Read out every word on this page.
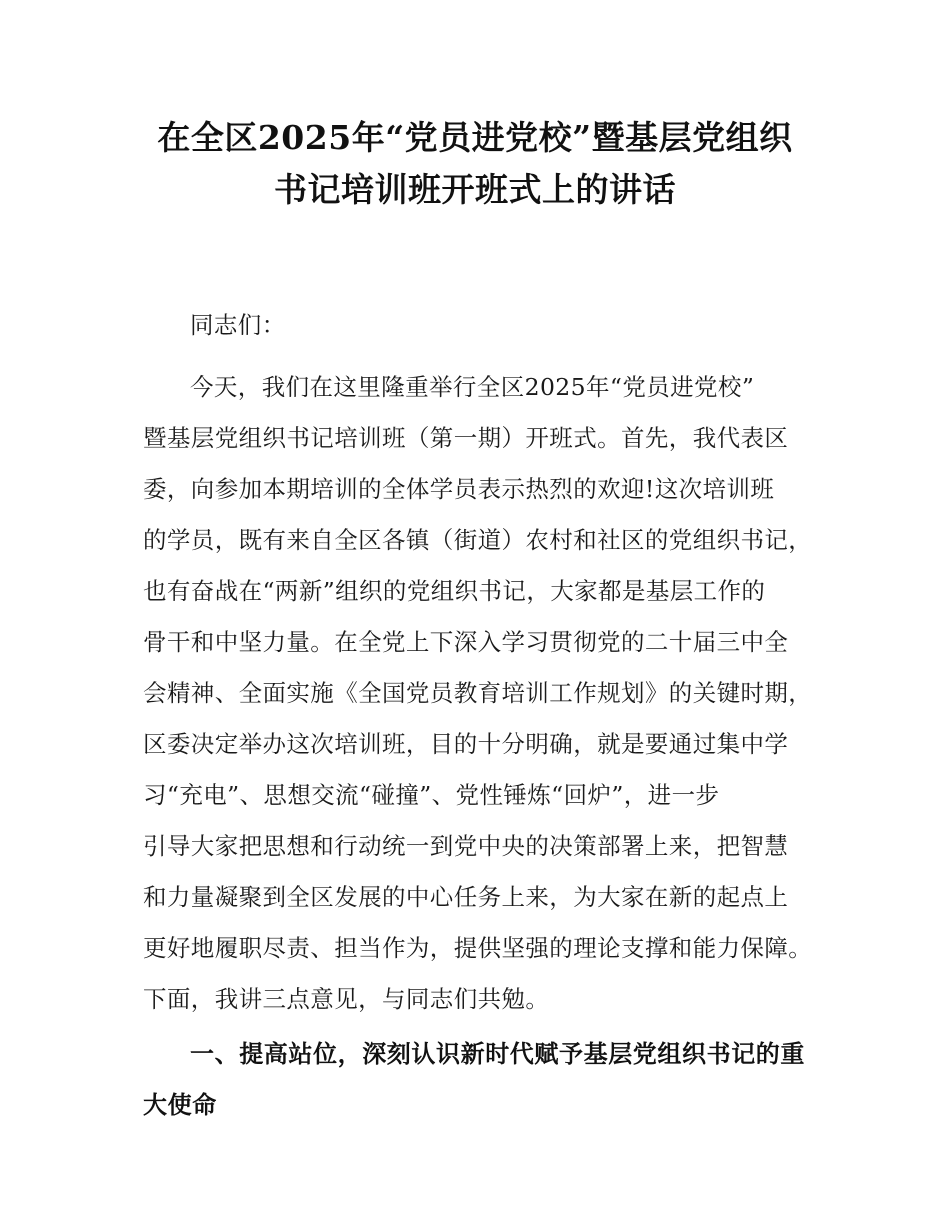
在全区2025年“党员进党校”暨基层党组织
书记培训班开班式上的讲话
同志们：
今天，我们在这里隆重举行全区2025年“党员进党校”
暨基层党组织书记培训班（第一期）开班式。首先，我代表区
委，向参加本期培训的全体学员表示热烈的欢迎!这次培训班
的学员，既有来自全区各镇（街道）农村和社区的党组织书记，
也有奋战在“两新”组织的党组织书记，大家都是基层工作的
骨干和中坚力量。在全党上下深入学习贯彻党的二十届三中全
会精神、全面实施《全国党员教育培训工作规划》的关键时期，
区委决定举办这次培训班，目的十分明确，就是要通过集中学
习“充电”、思想交流“碰撞”、党性锤炼“回炉”，进一步
引导大家把思想和行动统一到党中央的决策部署上来，把智慧
和力量凝聚到全区发展的中心任务上来，为大家在新的起点上
更好地履职尽责、担当作为，提供坚强的理论支撑和能力保障。
下面，我讲三点意见，与同志们共勉。
一、提高站位，深刻认识新时代赋予基层党组织书记的重
大使命
